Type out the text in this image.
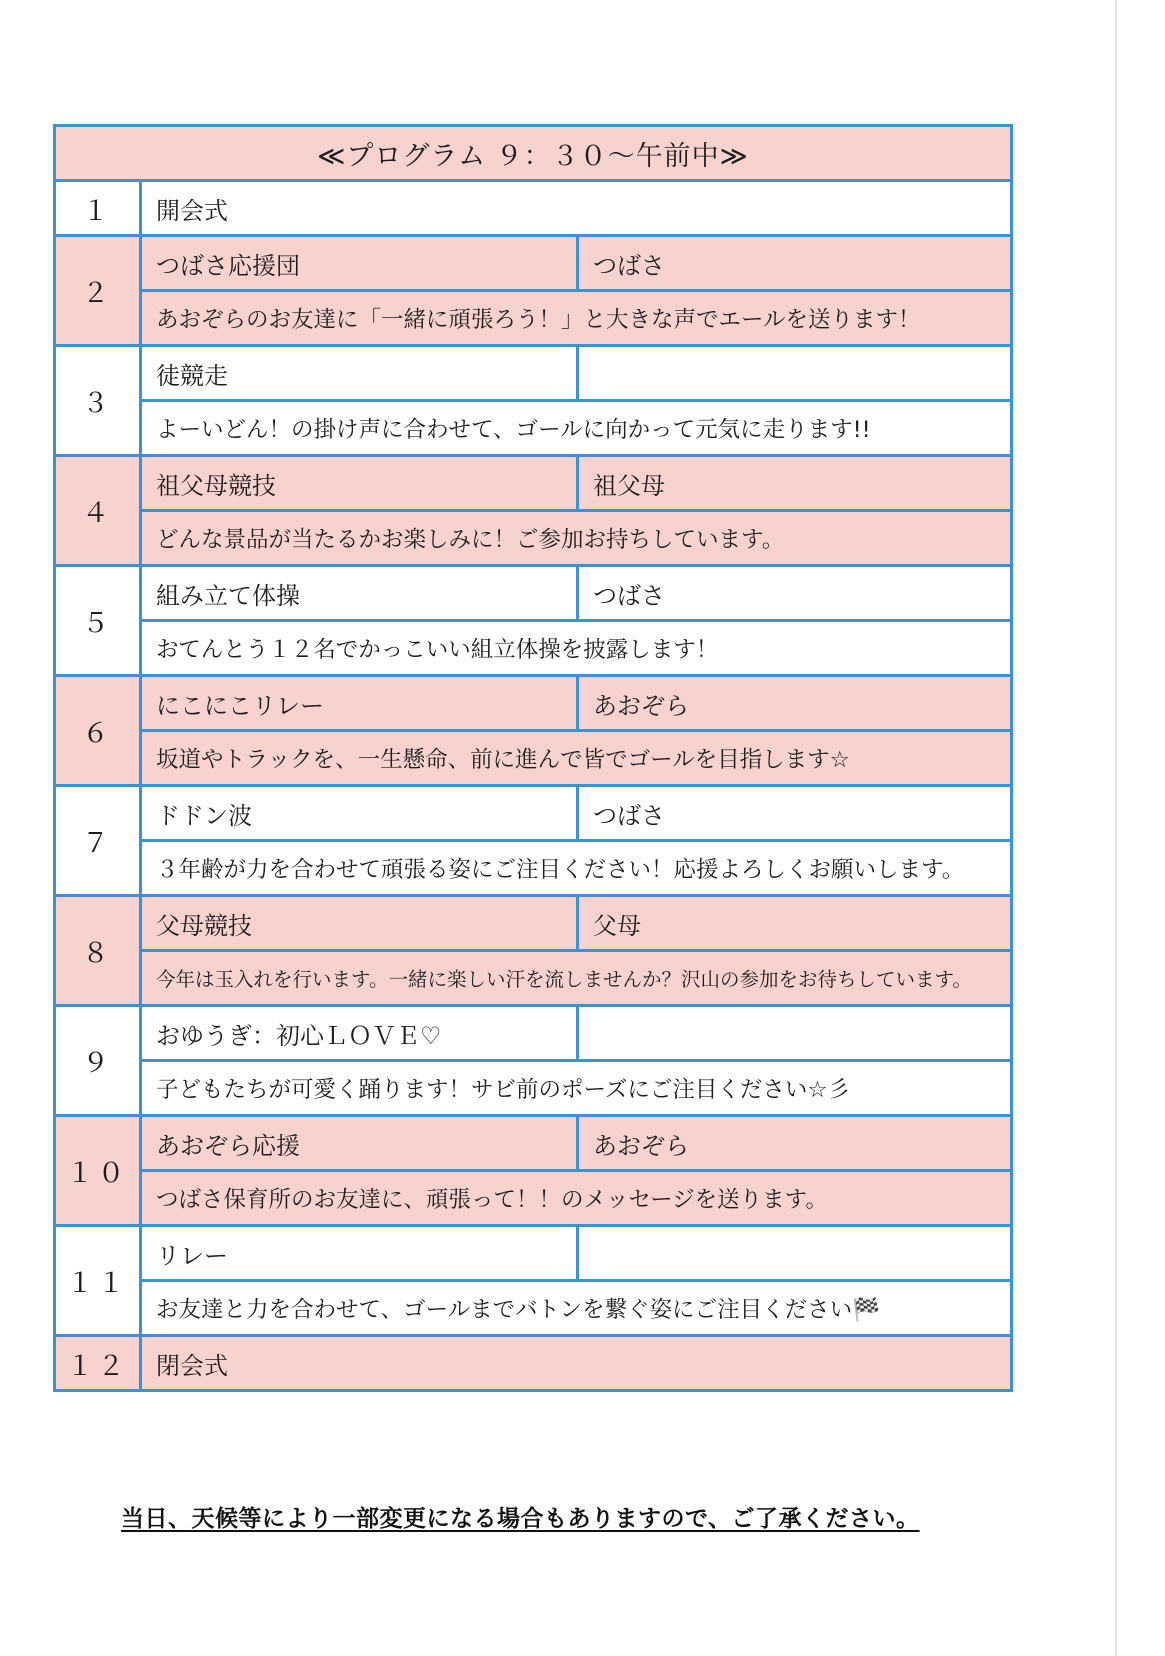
≪プログラム ９：３０〜午前中≫		
１	開会式	
２	つばさ応援団	つばさ
	あおぞらのお友達に「一緒に頑張ろう！」と大きな声でエールを送ります！	
３	徒競走	
	よーいどん！の掛け声に合わせて、ゴールに向かって元気に走ります!!	
４	祖父母競技	祖父母
	どんな景品が当たるかお楽しみに！ご参加お持ちしています。	
５	組み立て体操	つばさ
	おてんとう１２名でかっこいい組立体操を披露します！	
６	にこにこリレー	あおぞら
	坂道やトラックを、一生懸命、前に進んで皆でゴールを目指します☆	
７	ドドン波	つばさ
	３年齢が力を合わせて頑張る姿にご注目ください！応援よろしくお願いします。	
８	父母競技	父母
	今年は玉入れを行います。一緒に楽しい汗を流しませんか？沢山の参加をお待ちしています。	
９	おゆうぎ：初心ＬＯＶＥ♡	
	子どもたちが可愛く踊ります！サビ前のポーズにご注目ください☆彡	
１０	あおぞら応援	あおぞら
	つばさ保育所のお友達に、頑張って！！のメッセージを送ります。	
１１	リレー	
	お友達と力を合わせて、ゴールまでバトンを繋ぐ姿にご注目ください🏁	
１２	閉会式	
当日、天候等により一部変更になる場合もありますので、ご了承ください。
